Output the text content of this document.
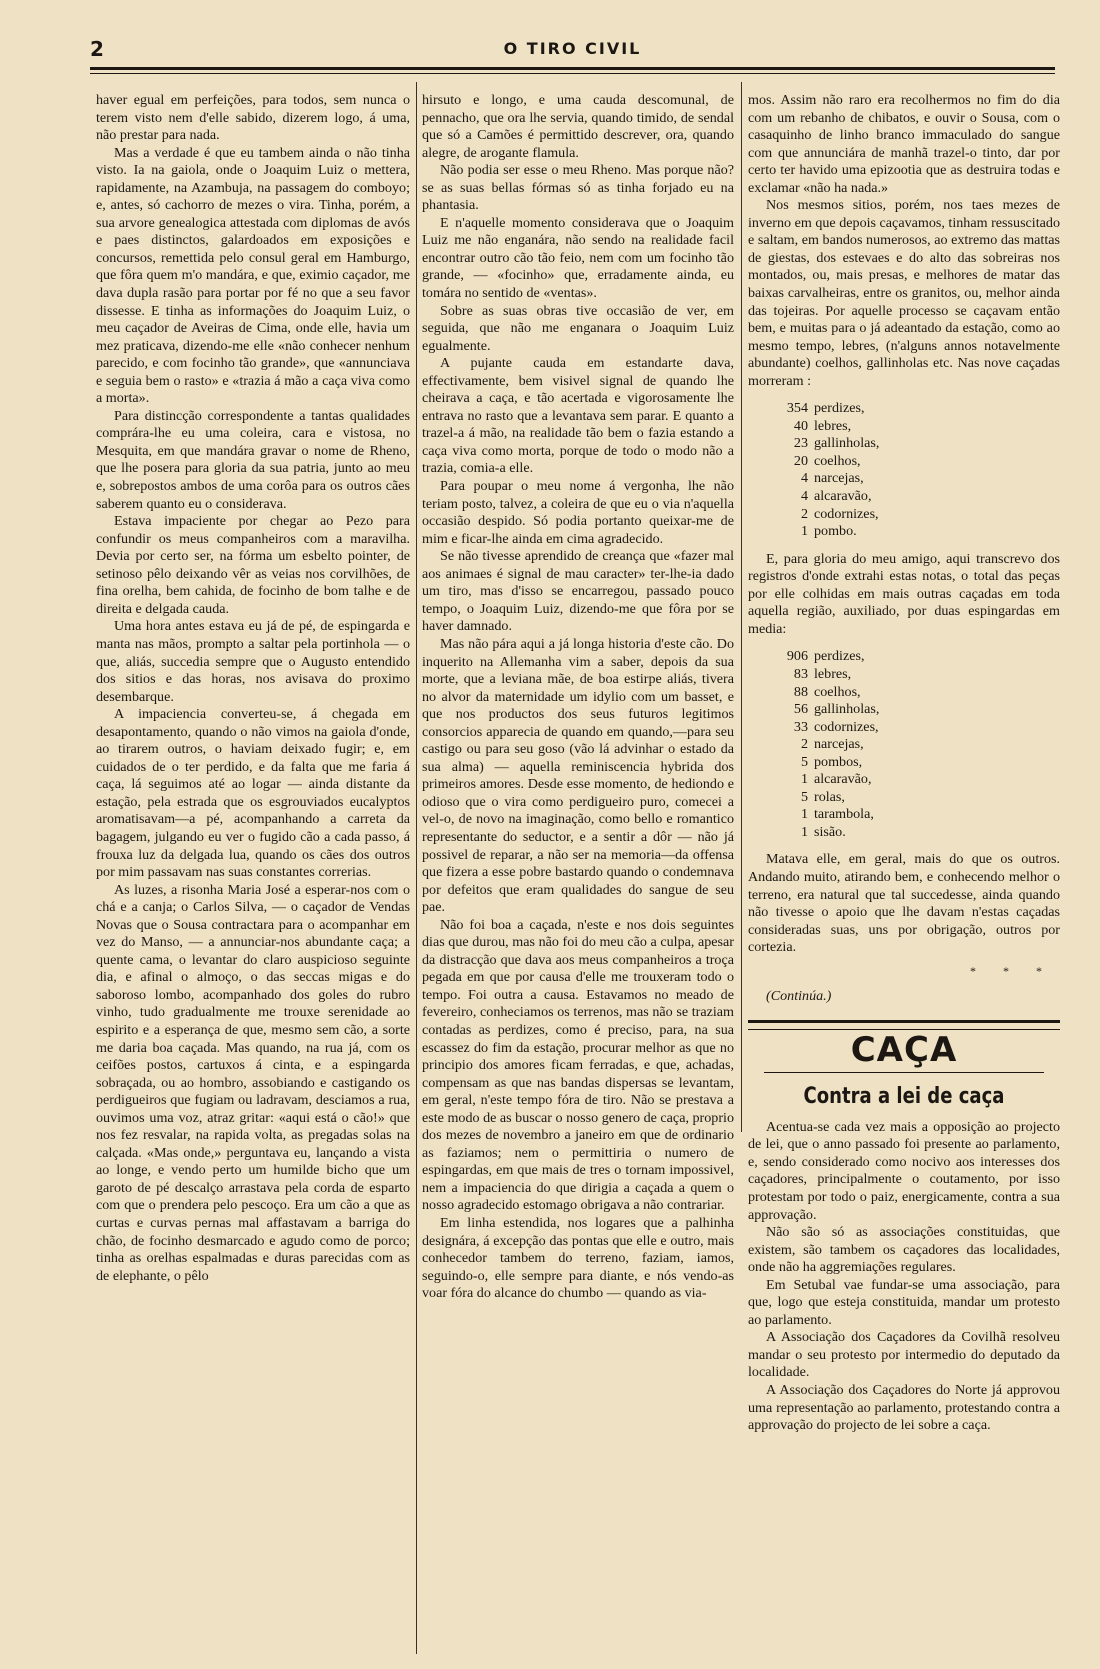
2	O TIRO CIVIL

haver egual em perfeições, para todos, sem nunca o terem visto nem d'elle sabido, dizerem logo, á uma, não prestar para nada.

Mas a verdade é que eu tambem ainda o não tinha visto. Ia na gaiola, onde o Joaquim Luiz o mettera, rapidamente, na Azambuja, na passagem do comboyo; e, antes, só cachorro de mezes o vira. Tinha, porém, a sua arvore genealogica attestada com diplomas de avós e paes distinctos, galardoados em exposições e concursos, remettida pelo consul geral em Hamburgo, que fôra quem m'o mandára, e que, eximio caçador, me dava dupla rasão para portar por fé no que a seu favor dissesse. E tinha as informações do Joaquim Luiz, o meu caçador de Aveiras de Cima, onde elle, havia um mez praticava, dizendo-me elle «não conhecer nenhum parecido, e com focinho tão grande», que «annunciava e seguia bem o rasto» e «trazia á mão a caça viva como a morta».

Para distincção correspondente a tantas qualidades comprára-lhe eu uma coleira, cara e vistosa, no Mesquita, em que mandára gravar o nome de Rheno, que lhe posera para gloria da sua patria, junto ao meu e, sobrepostos ambos de uma corôa para os outros cães saberem quanto eu o considerava.

Estava impaciente por chegar ao Pezo para confundir os meus companheiros com a maravilha. Devia por certo ser, na fórma um esbelto pointer, de setinoso pêlo deixando vêr as veias nos corvilhões, de fina orelha, bem cahida, de focinho de bom talhe e de direita e delgada cauda.

Uma hora antes estava eu já de pé, de espingarda e manta nas mãos, prompto a saltar pela portinhola — o que, aliás, succedia sempre que o Augusto entendido dos sitios e das horas, nos avisava do proximo desembarque.

A impaciencia converteu-se, á chegada em desapontamento, quando o não vimos na gaiola d'onde, ao tirarem outros, o haviam deixado fugir; e, em cuidados de o ter perdido, e da falta que me faria á caça, lá seguimos até ao logar — ainda distante da estação, pela estrada que os esgrouviados eucalyptos aromatisavam—a pé, acompanhando a carreta da bagagem, julgando eu ver o fugido cão a cada passo, á frouxa luz da delgada lua, quando os cães dos outros por mim passavam nas suas constantes correrias.

As luzes, a risonha Maria José a esperar-nos com o chá e a canja; o Carlos Silva, — o caçador de Vendas Novas que o Sousa contractara para o acompanhar em vez do Manso, — a annunciar-nos abundante caça; a quente cama, o levantar do claro auspicioso seguinte dia, e afinal o almoço, o das seccas migas e do saboroso lombo, acompanhado dos goles do rubro vinho, tudo gradualmente me trouxe serenidade ao espirito e a esperança de que, mesmo sem cão, a sorte me daria boa caçada. Mas quando, na rua já, com os ceifões postos, cartuxos á cinta, e a espingarda sobraçada, ou ao hombro, assobiando e castigando os perdigueiros que fugiam ou ladravam, desciamos a rua, ouvimos uma voz, atraz gritar: «aqui está o cão!» que nos fez resvalar, na rapida volta, as pregadas solas na calçada. «Mas onde,» perguntava eu, lançando a vista ao longe, e vendo perto um humilde bicho que um garoto de pé descalço arrastava pela corda de esparto com que o prendera pelo pescoço. Era um cão a que as curtas e curvas pernas mal affastavam a barriga do chão, de focinho desmarcado e agudo como de porco; tinha as orelhas espalmadas e duras parecidas com as de elephante, o pêlo

hirsuto e longo, e uma cauda descomunal, de pennacho, que ora lhe servia, quando timido, de sendal que só a Camões é permittido descrever, ora, quando alegre, de arogante flamula.

Não podia ser esse o meu Rheno. Mas porque não? se as suas bellas fórmas só as tinha forjado eu na phantasia.

E n'aquelle momento considerava que o Joaquim Luiz me não enganára, não sendo na realidade facil encontrar outro cão tão feio, nem com um focinho tão grande, — «focinho» que, erradamente ainda, eu tomára no sentido de «ventas».

Sobre as suas obras tive occasião de ver, em seguida, que não me enganara o Joaquim Luiz egualmente.

A pujante cauda em estandarte dava, effectivamente, bem visivel signal de quando lhe cheirava a caça, e tão acertada e vigorosamente lhe entrava no rasto que a levantava sem parar. E quanto a trazel-a á mão, na realidade tão bem o fazia estando a caça viva como morta, porque de todo o modo não a trazia, comia-a elle.

Para poupar o meu nome á vergonha, lhe não teriam posto, talvez, a coleira de que eu o via n'aquella occasião despido. Só podia portanto queixar-me de mim e ficar-lhe ainda em cima agradecido.

Se não tivesse aprendido de creança que «fazer mal aos animaes é signal de mau caracter» ter-lhe-ia dado um tiro, mas d'isso se encarregou, passado pouco tempo, o Joaquim Luiz, dizendo-me que fôra por se haver damnado.

Mas não pára aqui a já longa historia d'este cão. Do inquerito na Allemanha vim a saber, depois da sua morte, que a leviana mãe, de boa estirpe aliás, tivera no alvor da maternidade um idylio com um basset, e que nos productos dos seus futuros legitimos consorcios apparecia de quando em quando,—para seu castigo ou para seu goso (vão lá advinhar o estado da sua alma) — aquella reminiscencia hybrida dos primeiros amores. Desde esse momento, de hediondo e odioso que o vira como perdigueiro puro, comecei a vel-o, de novo na imaginação, como bello e romantico representante do seductor, e a sentir a dôr — não já possivel de reparar, a não ser na memoria—da offensa que fizera a esse pobre bastardo quando o condemnava por defeitos que eram qualidades do sangue de seu pae.

Não foi boa a caçada, n'este e nos dois seguintes dias que durou, mas não foi do meu cão a culpa, apesar da distracção que dava aos meus companheiros a troça pegada em que por causa d'elle me trouxeram todo o tempo. Foi outra a causa. Estavamos no meado de fevereiro, conheciamos os terrenos, mas não se traziam contadas as perdizes, como é preciso, para, na sua escassez do fim da estação, procurar melhor as que no principio dos amores ficam ferradas, e que, achadas, compensam as que nas bandas dispersas se levantam, em geral, n'este tempo fóra de tiro. Não se prestava a este modo de as buscar o nosso genero de caça, proprio dos mezes de novembro a janeiro em que de ordinario as faziamos; nem o permittiria o numero de espingardas, em que mais de tres o tornam impossivel, nem a impaciencia do que dirigia a caçada a quem o nosso agradecido estomago obrigava a não contrariar.

Em linha estendida, nos logares que a palhinha designára, á excepção das pontas que elle e outro, mais conhecedor tambem do terreno, faziam, iamos, seguindo-o, elle sempre para diante, e nós vendo-as voar fóra do alcance do chumbo — quando as via-

mos. Assim não raro era recolhermos no fim do dia com um rebanho de chibatos, e ouvir o Sousa, com o casaquinho de linho branco immaculado do sangue com que annunciára de manhã trazel-o tinto, dar por certo ter havido uma epizootia que as destruira todas e exclamar «não ha nada.»

Nos mesmos sitios, porém, nos taes mezes de inverno em que depois caçavamos, tinham ressuscitado e saltam, em bandos numerosos, ao extremo das mattas de giestas, dos estevaes e do alto das sobreiras nos montados, ou, mais presas, e melhores de matar das baixas carvalheiras, entre os granitos, ou, melhor ainda das tojeiras. Por aquelle processo se caçavam então bem, e muitas para o já adeantado da estação, como ao mesmo tempo, lebres, (n'alguns annos notavelmente abundante) coelhos, gallinholas etc. Nas nove caçadas morreram :

354 perdizes,
40 lebres,
23 gallinholas,
20 coelhos,
4 narcejas,
4 alcaravão,
2 codornizes,
1 pombo.

E, para gloria do meu amigo, aqui transcrevo dos registros d'onde extrahi estas notas, o total das peças por elle colhidas em mais outras caçadas em toda aquella região, auxiliado, por duas espingardas em media:

906 perdizes,
83 lebres,
88 coelhos,
56 gallinholas,
33 codornizes,
2 narcejas,
5 pombos,
1 alcaravão,
5 rolas,
1 tarambola,
1 sisão.

Matava elle, em geral, mais do que os outros. Andando muito, atirando bem, e conhecendo melhor o terreno, era natural que tal succedesse, ainda quando não tivesse o apoio que lhe davam n'estas caçadas consideradas suas, uns por obrigação, outros por cortezia.

* * *
(Continúa.)
CAÇA
Contra a lei de caça

Acentua-se cada vez mais a opposição ao projecto de lei, que o anno passado foi presente ao parlamento, e, sendo considerado como nocivo aos interesses dos caçadores, principalmente o coutamento, por isso protestam por todo o paiz, energicamente, contra a sua approvação.

Não são só as associações constituidas, que existem, são tambem os caçadores das localidades, onde não ha aggremiações regulares.

Em Setubal vae fundar-se uma associação, para que, logo que esteja constituida, mandar um protesto ao parlamento.

A Associação dos Caçadores da Covilhã resolveu mandar o seu protesto por intermedio do deputado da localidade.

A Associação dos Caçadores do Norte já approvou uma representação ao parlamento, protestando contra a approvação do projecto de lei sobre a caça.
